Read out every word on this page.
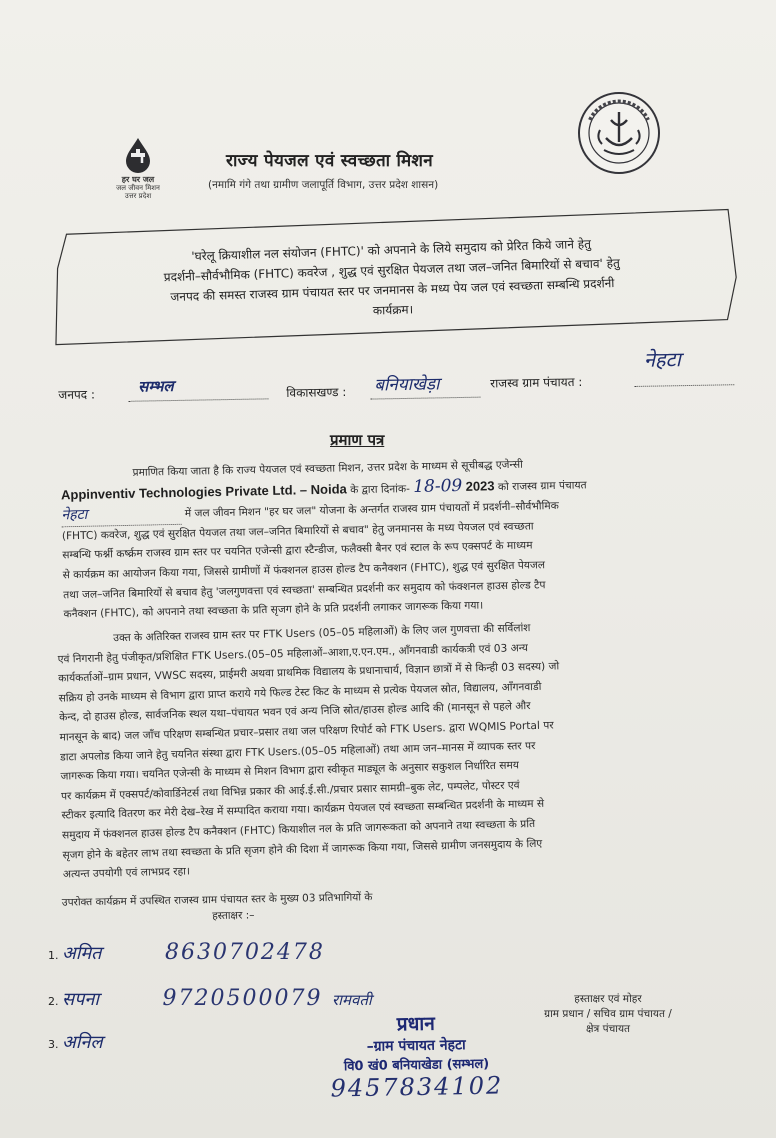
हर घर जल
जल जीवन मिशन
उत्तर प्रदेश
राज्य पेयजल एवं स्वच्छता मिशन
(नमामि गंगे तथा ग्रामीण जलापूर्ति विभाग, उत्तर प्रदेश शासन)
'घरेलू क्रियाशील नल संयोजन (FHTC)' को अपनाने के लिये समुदाय को प्रेरित किये जाने हेतु
प्रदर्शनी–सौर्वभौमिक (FHTC) कवरेज , शुद्ध एवं सुरक्षित पेयजल तथा जल–जनित बिमारियों से बचाव' हेतु
जनपद की समस्त राजस्व ग्राम पंचायत स्तर पर जनमानस के मध्य पेय जल एवं स्वच्छता सम्बन्धि प्रदर्शनी
कार्यक्रम।
जनपद :	सम्भल	विकासखण्ड : बनियाखेड़ा	राजस्व ग्राम पंचायत :
नेहटा
प्रमाण पत्र
प्रमाणित किया जाता है कि राज्य पेयजल एवं स्वच्छता मिशन, उत्तर प्रदेश के माध्यम से सूचीबद्ध एजेन्सी
Appinventiv Technologies Private Ltd. – Noida के द्वारा दिनांक- 18-09 2023 को राजस्व ग्राम पंचायत
नेहटा	में जल जीवन मिशन "हर घर जल" योजना के अन्तर्गत राजस्व ग्राम पंचायतों में प्रदर्शनी–सौर्वभौमिक
(FHTC) कवरेज, शुद्ध एवं सुरक्षित पेयजल तथा जल–जनित बिमारियों से बचाव" हेतु जनमानस के मध्य पेयजल एवं स्वच्छता
सम्बन्धि फर्श्नी कर्ष्क्रम राजस्व ग्राम स्तर पर चयनित एजेन्सी द्वारा स्टैन्डीज, फलैक्सी बैनर एवं स्टाल के रूप एक्सपर्ट के माध्यम
से कार्यक्रम का आयोजन किया गया, जिससे ग्रामीणों में फंक्शनल हाउस होल्ड टैप कनैक्शन (FHTC), शुद्ध एवं सुरक्षित पेयजल
तथा जल–जनित बिमारियों से बचाव हेतु 'जलगुणवत्ता एवं स्वच्छता' सम्बन्धित प्रदर्शनी कर समुदाय को फंक्शनल हाउस होल्ड टैप
कनैक्शन (FHTC), को अपनाने तथा स्वच्छता के प्रति सृजग होने के प्रति प्रदर्शनी लगाकर जागरूक किया गया।
उक्त के अतिरिक्त राजस्व ग्राम स्तर पर FTK Users (05–05 महिलाओं) के लिए जल गुणवत्ता की सर्विलांश
एवं निगरानी हेतु पंजीकृत/प्रशिक्षित FTK Users.(05–05 महिलाओं–आशा,ए.एन.एम., आँगनवाडी कार्यकत्री एवं 03 अन्य
कार्यकर्ताओं–ग्राम प्रधान, VWSC सदस्य, प्राईमरी अथवा प्राथमिक विद्यालय के प्रधानाचार्य, विज्ञान छात्रों में से किन्ही 03 सदस्य) जो
सक्रिय हो उनके माध्यम से विभाग द्वारा प्राप्त कराये गये फिल्ड टेस्ट किट के माध्यम से प्रत्येक पेयजल स्रोत, विद्यालय, आँगनवाडी
केन्द, दो हाउस होल्ड, सार्वजनिक स्थल यथा–पंचायत भवन एवं अन्य निजि स्रोत/हाउस होल्ड आदि की (मानसून से पहले और
मानसून के बाद) जल जाँच परिक्षण सम्बन्धित प्रचार–प्रसार तथा जल परिक्षण रिपोर्ट को FTK Users. द्वारा WQMIS Portal पर
डाटा अपलोड किया जाने हेतु चयनित संस्था द्वारा FTK Users.(05–05 महिलाओं) तथा आम जन–मानस में व्यापक स्तर पर
जागरूक किया गया। चयनित एजेन्सी के माध्यम से मिशन विभाग द्वारा स्वीकृत माड्यूल के अनुसार सकुशल निर्धारित समय
पर कार्यक्रम में एक्सपर्ट/कोवार्डिनेटर्स तथा विभिन्न प्रकार की आई.ई.सी./प्रचार प्रसार सामग्री–बुक लेट, पम्पलेट, पोस्टर एवं
स्टीकर इत्यादि वितरण कर मेरी देख–रेख में सम्पादित कराया गया। कार्यक्रम पेयजल एवं स्वच्छता सम्बन्धित प्रदर्शनी के माध्यम से
समुदाय में फंक्शनल हाउस होल्ड टैप कनैक्शन (FHTC) कियाशील नल के प्रति जागरूकता को अपनाने तथा स्वच्छता के प्रति
सृजग होने के बहेतर लाभ तथा स्वच्छता के प्रति सृजग होने की दिशा में जागरूक किया गया, जिससे ग्रामीण जनसमुदाय के लिए
अत्यन्त उपयोगी एवं लाभप्रद रहा।
उपरोक्त कार्यक्रम में उपस्थित राजस्व ग्राम पंचायत स्तर के मुख्य 03 प्रतिभागियों के
हस्ताक्षर :–
1. अमित	8630702478
2. सपना	9720500079 रामवती
3. अनिल
हस्ताक्षर एवं मोहर
ग्राम प्रधान / सचिव ग्राम पंचायत /
क्षेत्र पंचायत
प्रधान
–ग्राम पंचायत नेहटा
वि0 खं0 बनियाखेडा (सम्भल)
9457834102
